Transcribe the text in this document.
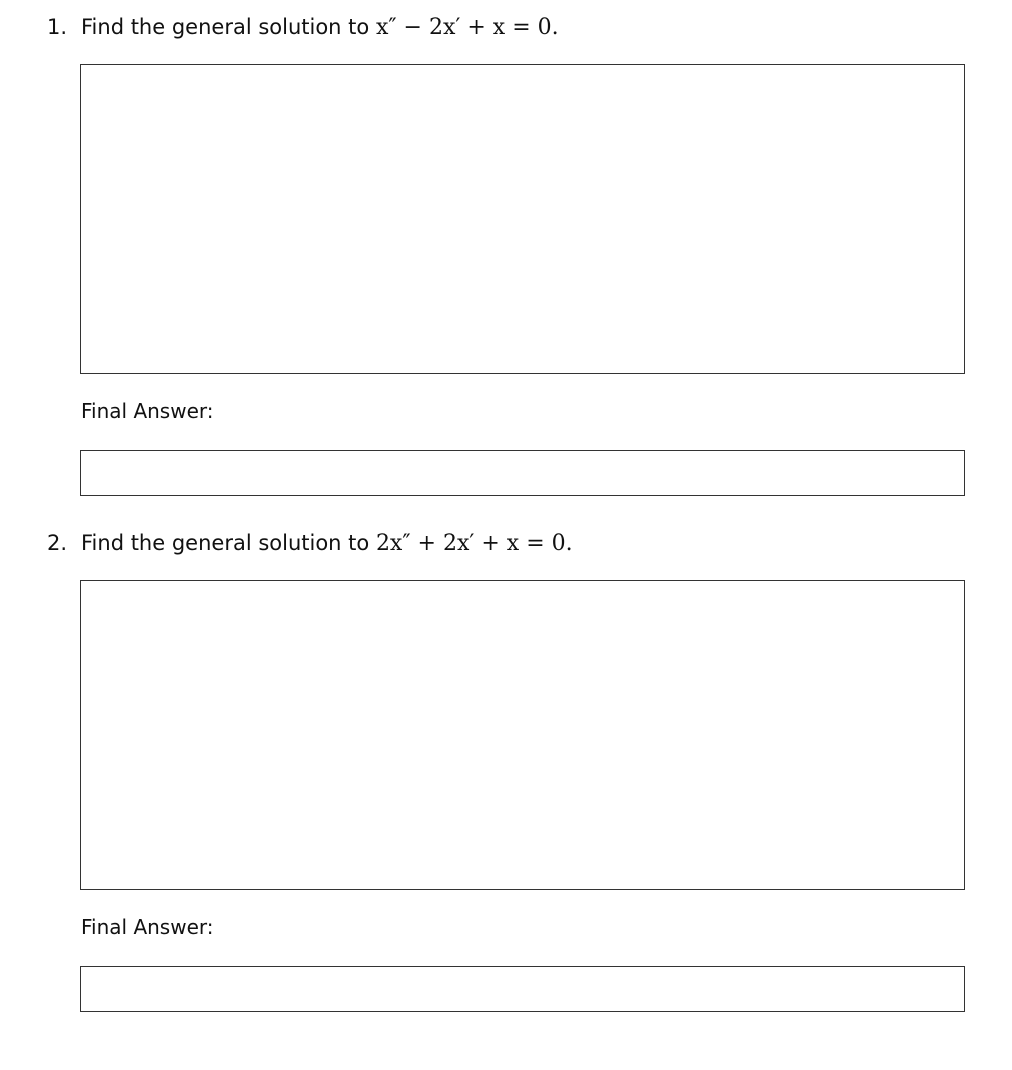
1. Find the general solution to x″ − 2x′ + x = 0.
Final Answer:
2. Find the general solution to 2x″ + 2x′ + x = 0.
Final Answer:
